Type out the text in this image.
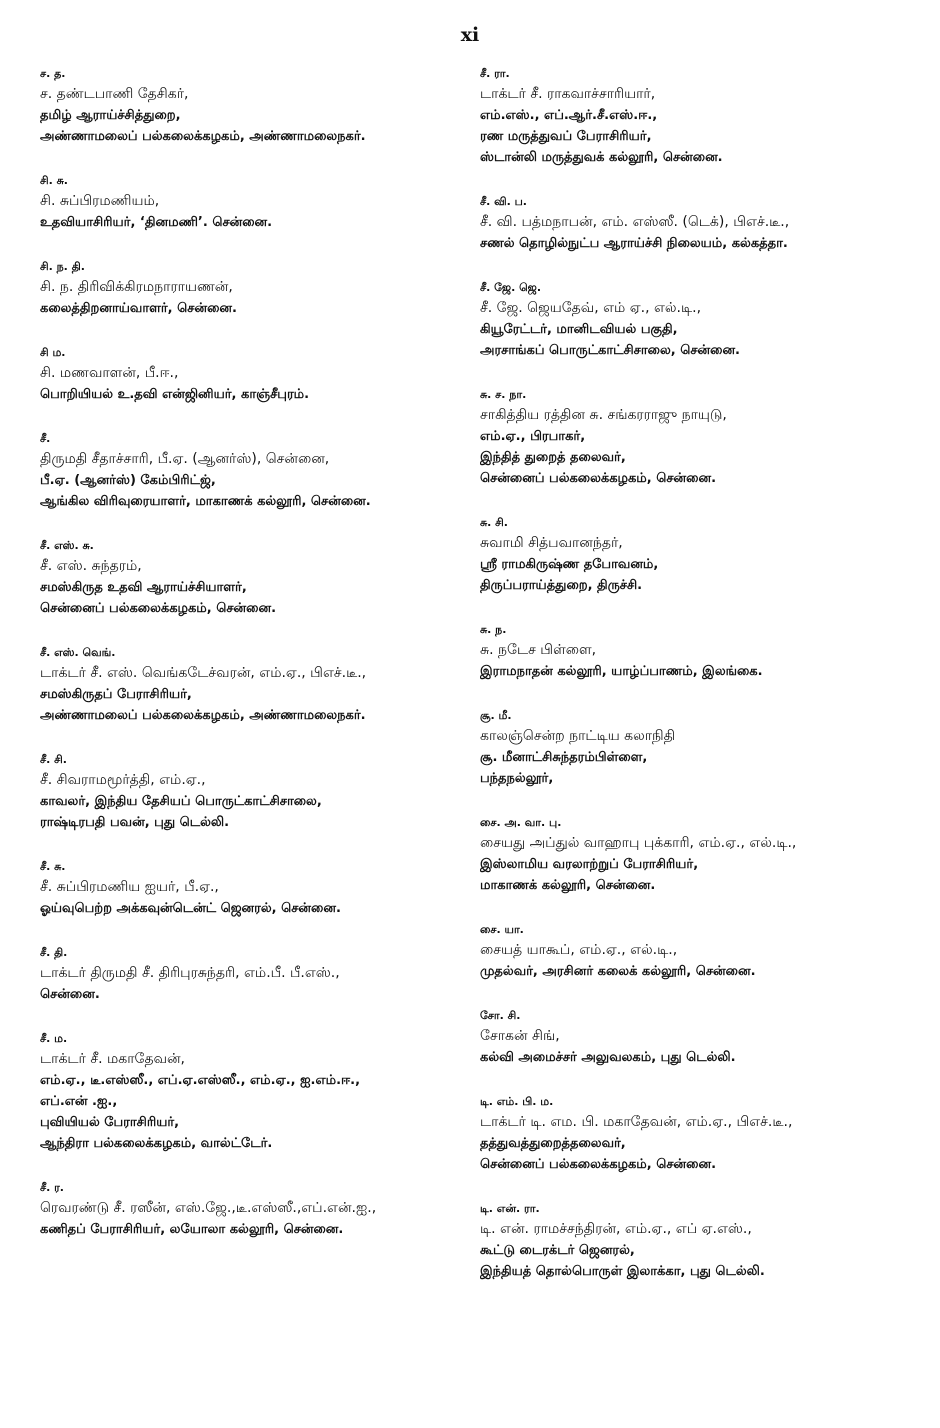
xi
ச. த.
ச. தண்டபாணி தேசிகர்,
தமிழ் ஆராய்ச்சித்துறை,
அண்ணாமலைப் பல்கலைக்கழகம், அண்ணாமலைநகர்.
சி. சு.
சி. சுப்பிரமணியம்,
உதவியாசிரியர், ‘தினமணி’. சென்னை.
சி. ந. தி.
சி. ந. திரிவிக்கிரமநாராயணன்,
கலைத்திறனாய்வாளர், சென்னை.
சி ம.
சி. மணவாளன், பீ.ஈ.,
பொறியியல் உ.தவி என்ஜினியர், காஞ்சீபுரம்.
சீ.
திருமதி சீதாச்சாரி, பீ.ஏ. (ஆனர்ஸ்), சென்னை,
பீ.ஏ. (ஆனர்ஸ்) கேம்பிரிட்ஜ்,
ஆங்கில விரிவுரையாளர், மாகாணக் கல்லூரி, சென்னை.
சீ. எஸ். சு.
சீ. எஸ். சுந்தரம்,
சமஸ்கிருத உதவி ஆராய்ச்சியாளர்,
சென்னைப் பல்கலைக்கழகம், சென்னை.
சீ. எஸ். வெங்.
டாக்டர் சீ. எஸ். வெங்கடேச்வரன், எம்.ஏ., பிஎச்.டீ.,
சமஸ்கிருதப் பேராசிரியர்,
அண்ணாமலைப் பல்கலைக்கழகம், அண்ணாமலைநகர்.
சீ. சி.
சீ. சிவராமமூர்த்தி, எம்.ஏ.,
காவலர், இந்திய தேசியப் பொருட்காட்சிசாலை,
ராஷ்டிரபதி பவன், புது டெல்லி.
சீ. சு.
சீ. சுப்பிரமணிய ஐயர், பீ.ஏ.,
ஓய்வுபெற்ற அக்கவுன்டென்ட் ஜெனரல், சென்னை.
சீ. தி.
டாக்டர் திருமதி சீ. திரிபுரசுந்தரி, எம்.பீ. பீ.எஸ்.,
சென்னை.
சீ. ம.
டாக்டர் சீ. மகாதேவன்,
எம்.ஏ., டீ.எஸ்ஸீ., எப்.ஏ.எஸ்ஸீ., எம்.ஏ., ஐ.எம்.ஈ.,
எப்.என் .ஐ.,
புவியியல் பேராசிரியர்,
ஆந்திரா பல்கலைக்கழகம், வால்ட்டேர்.
சீ. ர.
ரெவரண்டு சீ. ரஸீன், எஸ்.ஜே.,டீ.எஸ்ஸீ.,எப்.என்.ஐ.,
கணிதப் பேராசிரியர், லயோலா கல்லூரி, சென்னை.
சீ. ரா.
டாக்டர் சீ. ராகவாச்சாரியார்,
எம்.எஸ்., எப்.ஆர்.சீ.எஸ்.ஈ.,
ரண மருத்துவப் பேராசிரியர்,
ஸ்டான்லி மருத்துவக் கல்லூரி, சென்னை.
சீ. வி. ப.
சீ. வி. பத்மநாபன், எம். எஸ்ஸீ. (டெக்), பிஎச்.டீ.,
சணல் தொழில்நுட்ப ஆராய்ச்சி நிலையம், கல்கத்தா.
சீ. ஜே. ஜெ.
சீ. ஜே. ஜெயதேவ், எம் ஏ., எல்.டி.,
கியூரேட்டர், மானிடவியல் பகுதி,
அரசாங்கப் பொருட்காட்சிசாலை, சென்னை.
சு. ச. நா.
சாகித்திய ரத்தின சு. சங்கரராஜு நாயுடு,
எம்.ஏ., பிரபாகர்,
இந்தித் துறைத் தலைவர்,
சென்னைப் பல்கலைக்கழகம், சென்னை.
சு. சி.
சுவாமி சித்பவானந்தர்,
ஸ்ரீ ராமகிருஷ்ண தபோவனம்,
திருப்பராய்த்துறை, திருச்சி.
சு. ந.
சு. நடேச பிள்ளை,
இராமநாதன் கல்லூரி, யாழ்ப்பாணம், இலங்கை.
சூ. மீ.
காலஞ்சென்ற நாட்டிய கலாநிதி
சூ. மீனாட்சிசுந்தரம்பிள்ளை,
பந்தநல்லூர்,
சை. அ. வா. பு.
சையது அப்துல் வாஹாபு புக்காரி, எம்.ஏ., எல்.டி.,
இஸ்லாமிய வரலாற்றுப் பேராசிரியர்,
மாகாணக் கல்லூரி, சென்னை.
சை. யா.
சையத் யாகூப், எம்.ஏ., எல்.டி.,
முதல்வர், அரசினர் கலைக் கல்லூரி, சென்னை.
சோ. சி.
சோகன் சிங்,
கல்வி அமைச்சர் அலுவலகம், புது டெல்லி.
டி. எம். பி. ம.
டாக்டர் டி. எம. பி. மகாதேவன், எம்.ஏ., பிஎச்.டீ.,
தத்துவத்துறைத்தலைவர்,
சென்னைப் பல்கலைக்கழகம், சென்னை.
டி. என். ரா.
டி. என். ராமச்சந்திரன், எம்.ஏ., எப் ஏ.எஸ்.,
கூட்டு டைரக்டர் ஜெனரல்,
இந்தியத் தொல்பொருள் இலாக்கா, புது டெல்லி.
